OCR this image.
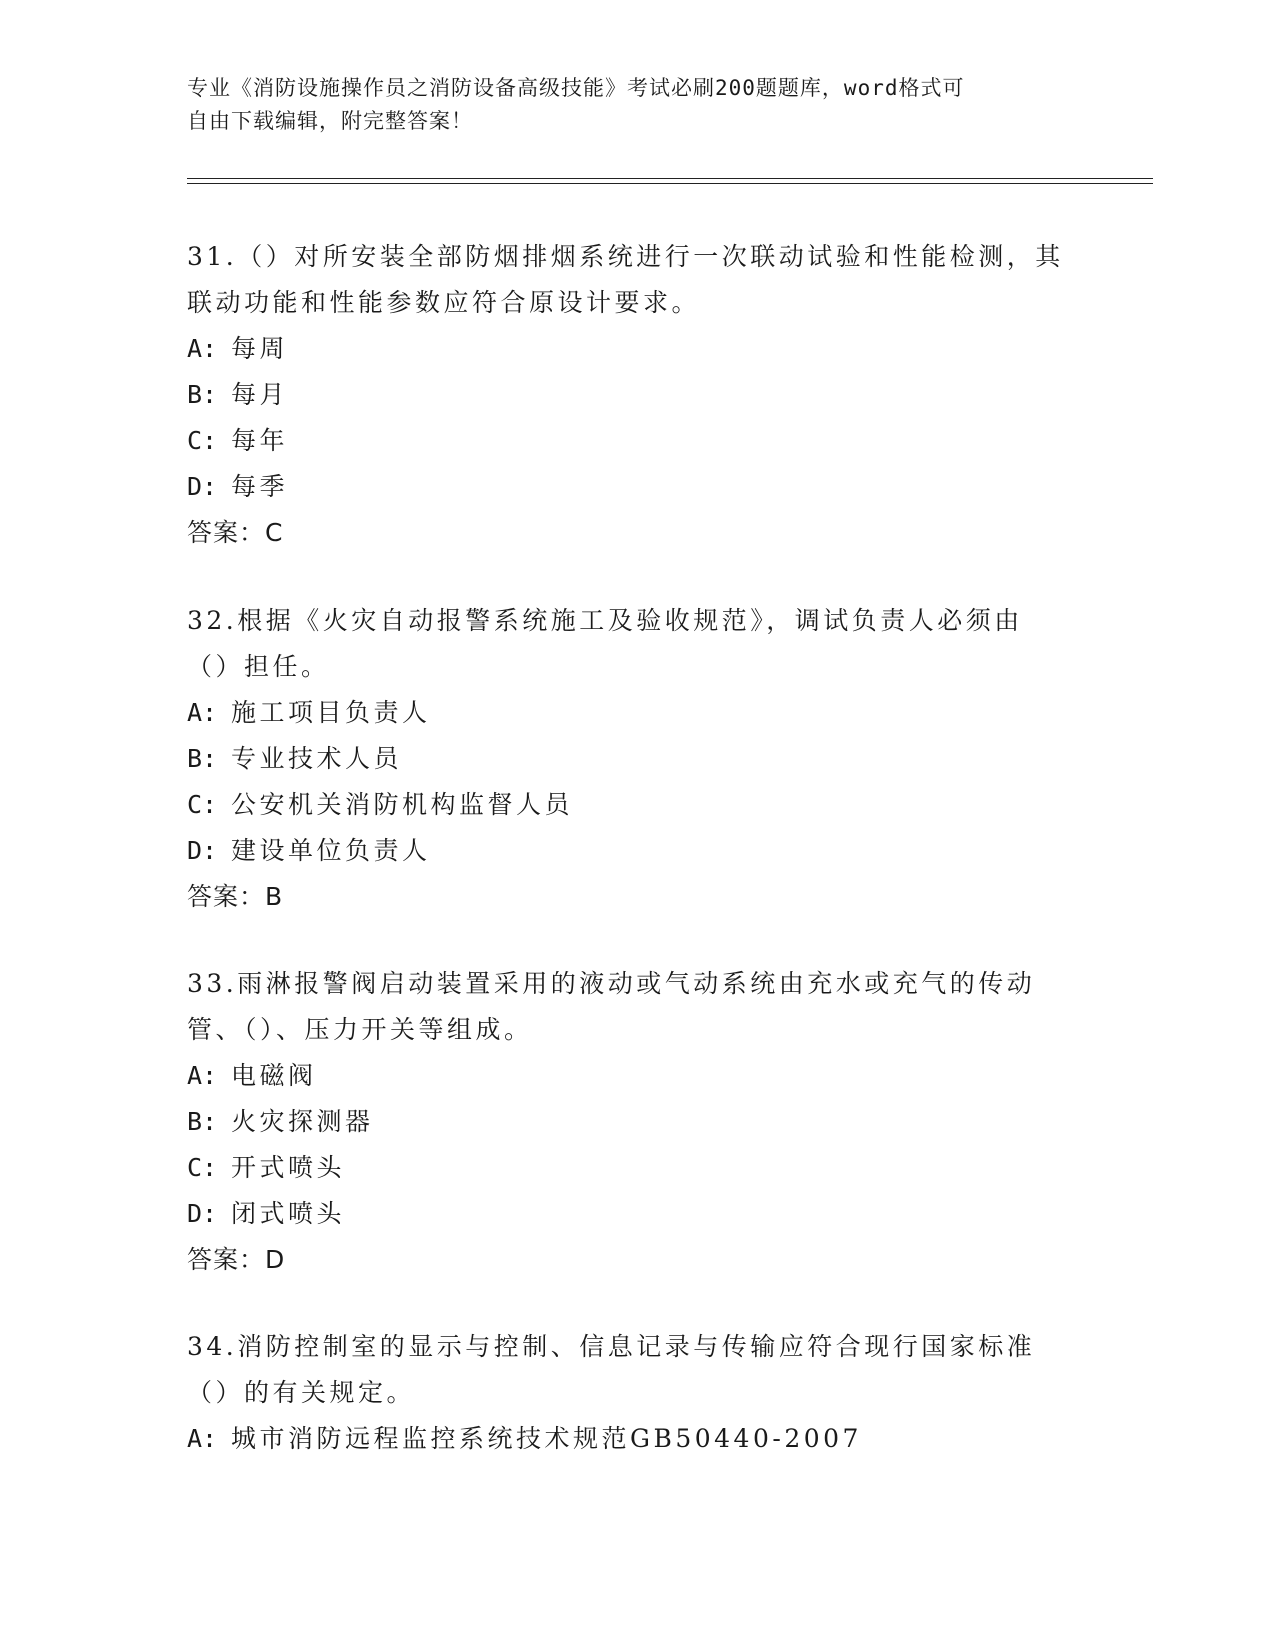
专业《消防设施操作员之消防设备高级技能》考试必刷200题题库，word格式可
自由下载编辑，附完整答案！

31.（）对所安装全部防烟排烟系统进行一次联动试验和性能检测，其联动功能和性能参数应符合原设计要求。

A: 每周

B: 每月

C: 每年

D: 每季

答案：C

32.根据《火灾自动报警系统施工及验收规范》，调试负责人必须由（）担任。

A: 施工项目负责人

B: 专业技术人员

C: 公安机关消防机构监督人员

D: 建设单位负责人

答案：B

33.雨淋报警阀启动装置采用的液动或气动系统由充水或充气的传动管、（）、压力开关等组成。

A: 电磁阀

B: 火灾探测器

C: 开式喷头

D: 闭式喷头

答案：D

34.消防控制室的显示与控制、信息记录与传输应符合现行国家标准（）的有关规定。

A: 城市消防远程监控系统技术规范GB50440-2007
